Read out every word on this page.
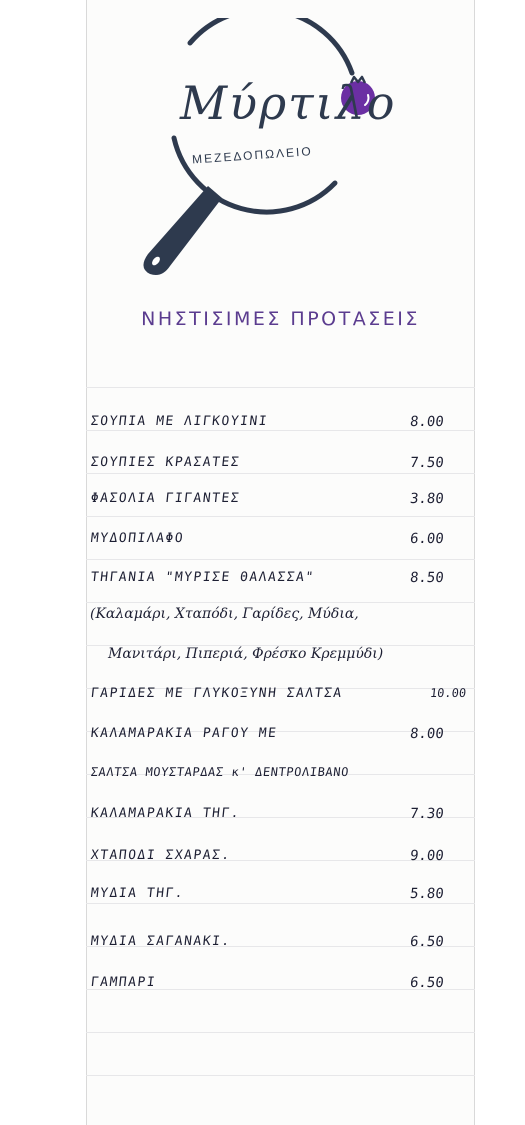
Μύρτιλο
ΜΕΖΕΔΟΠΩΛΕΙΟ
ΝΗΣΤΙΣΙΜΕΣ ΠΡΟΤΑΣΕΙΣ
ΣΟΥΠΙΑ ΜΕ ΛΙΓΚΟΥΙΝΙ	8.00
ΣΟΥΠΙΕΣ ΚΡΑΣΑΤΕΣ	7.50
ΦΑΣΟΛΙΑ ΓΙΓΑΝΤΕΣ	3.80
ΜΥΔΟΠΙΛΑΦΟ	6.00
ΤΗΓΑΝΙΑ "ΜΥΡΙΣΕ ΘΑΛΑΣΣΑ"	8.50
(Καλαμάρι, Χταπόδι, Γαρίδες, Μύδια,
Μανιτάρι, Πιπεριά, Φρέσκο Κρεμμύδι)
ΓΑΡΙΔΕΣ ΜΕ ΓΛΥΚΟΞΥΝΗ ΣΑΛΤΣΑ	10.00
ΚΑΛΑΜΑΡΑΚΙΑ ΡΑΓΟΥ ΜΕ	8.00
ΣΑΛΤΣΑ ΜΟΥΣΤΑΡΔΑΣ κ' ΔΕΝΤΡΟΛΙΒΑΝΟ
ΚΑΛΑΜΑΡΑΚΙΑ ΤΗΓ.	7.30
ΧΤΑΠΟΔΙ ΣΧΑΡΑΣ.	9.00
ΜΥΔΙΑ ΤΗΓ.	5.80
ΜΥΔΙΑ ΣΑΓΑΝΑΚΙ.	6.50
ΓΑΜΠΑΡΙ	6.50
